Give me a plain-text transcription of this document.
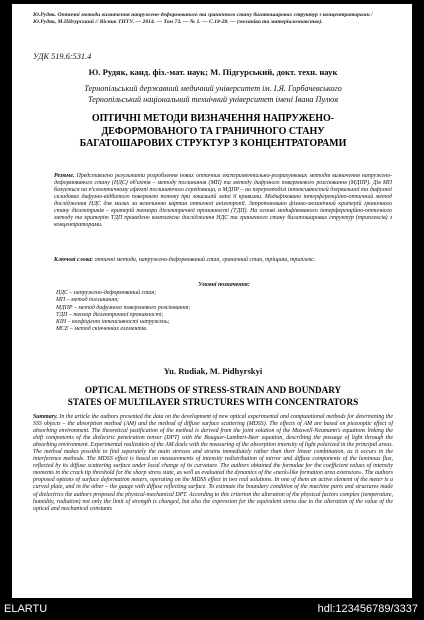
Ю.Рудяк. Оптичні методи визначення напружено-деформованого та граничного стану багатошарових структур з концентраторами / Ю.Рудяк, М.Підгурський // Вісник ТНТУ. — 2014. — Том 73. — № 1. — С.18-28. — (механіка та матеріалознавство).
УДК 519.6:531.4
Ю. Рудяк, канд. фіз.-мат. наук; М. Підгурський, докт. техн. наук
Тернопільський державний медичний університет ім. І.Я. Горбачевського
Тернопільський національний технічний університет імені Івана Пулюя
ОПТИЧНІ МЕТОДИ ВИЗНАЧЕННЯ НАПРУЖЕНО-
ДЕФОРМОВАНОГО ТА ГРАНИЧНОГО СТАНУ
БАГАТОШАРОВИХ СТРУКТУР З КОНЦЕНТРАТОРАМИ
Резюме. Представлено результати розроблення нових оптичних експериментально-розрахункових методів визначення напружено-деформованого стану (НДС) об'єктів – методу поглинання (МП) та методу дифузного поверхневого розсіювання (МДПР). Дія МП базується на п'єзооптичному ефекті поглинаючого середовища, а МДПР – на перерозподілі інтенсивностей дзеркальної та дифузної складових дифузно-відбитого поверхнею потоку при локальній зміні її кривизни. Модифіковано інтерференційно-оптичний метод дослідження НДС для малих за величиною картин оптичної анізотропії. Запропоновано фізико-механічний критерій граничного стану діелектриків – критерій тензора діелектричної проникності (ТДП). На основі модифікованого інтерференційно-оптичного методу та критерію ТДП проведено комплексне дослідження НДС та граничного стану багатошарових структур (триплексів) з концентраторами.
Ключові слова: оптичні методи, напружено-деформований стан, граничний стан, тріщина, триплекс.
Умовні позначення:
НДС – напружено-деформований стан;
МП – метод поглинання;
МДПР – метод дифузного поверхневого розсіювання;
ТДП – тензор діелектричної проникності;
КІН – коефіцієнт інтенсивності напружень;
МСЕ – метод скінченних елементів.
Yu. Rudiak, M. Pidhyrskyi
OPTICAL METHODS OF STRESS-STRAIN AND BOUNDARY
STATES OF MULTILAYER STRUCTURES WITH CONCENTRATORS
Summary. In the article the authors presented the data on the development of new optical experimental and computational methods for determining the SSS objects – the absorption method (AM) and the method of diffuse surface scattering (MDSS). The effects of AM are based on piezooptic effect of absorbing environment. The theoretical justification of the method is derived from the joint solution of the Maxwell-Neumann's equations linking the shift components of the dielectric penetration tensor (DPT) with the Bouguer-Lambert-Beer equation, describing the passage of light through the absorbing environment. Experimental realization of the AM deals with the measuring of the absorption intensity of light polarized in the principal areas. The method makes possible to find separately the main stresses and strains immediately rather than their linear combination, as it occurs in the interference methods. The MDSS effect is based on measurements of intensity redistribution of mirror and diffuse components of the luminous flux, reflected by its diffuse scattering surface under local change of its curvature. The authors obtained the formulae for the coefficient values of intensity moments in the crack tip threshold for the sharp stress state, as well as evaluated the dynamics of the «neck»like formation area extension». The authors proposed options of surface deformation meters, operating on the MDSS effect in two real solutions. In one of them an active element of the meter is a curved plate, and in the other – the gauge with diffuse reflecting surface. To estimate the boundary condition of the machine parts and structures made of dielectrics the authors proposed the physical-mechanical DPT. According to this criterion the alteration of the physical factors complex (temperature, humidity, radiation) not only the limit of strength is changed, but also the expression for the equivalent stress due to the alteration of the value of the optical and mechanical constants
ELARTU	hdl:123456789/3337
